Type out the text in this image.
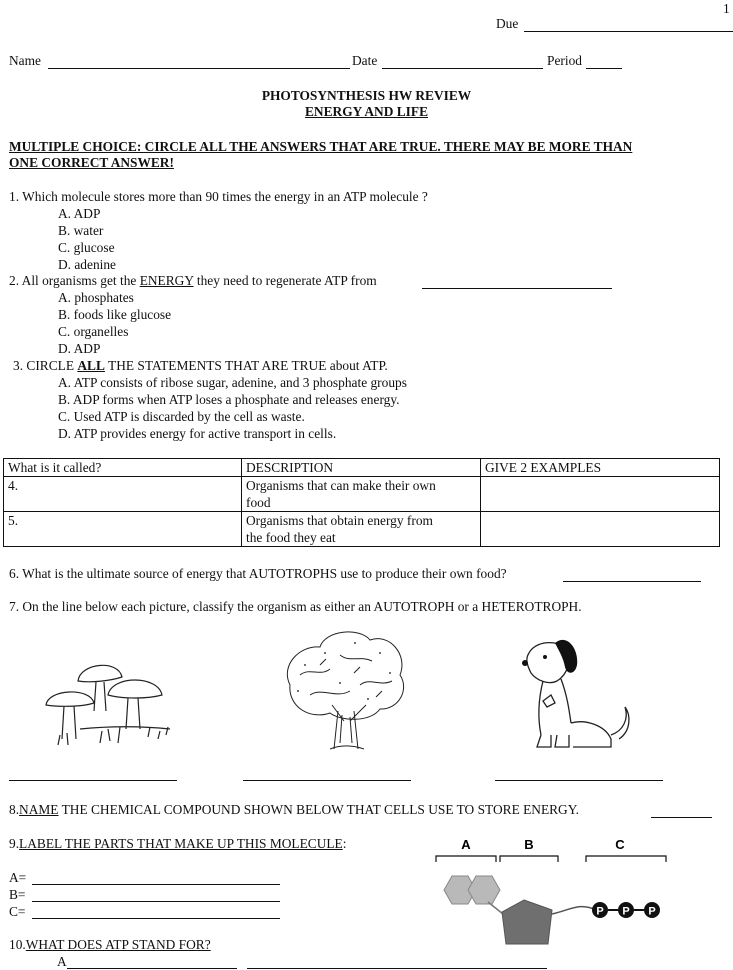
1
Due
Name	Date	Period
PHOTOSYNTHESIS HW REVIEW
ENERGY AND LIFE
MULTIPLE CHOICE: CIRCLE ALL THE ANSWERS THAT ARE TRUE. THERE MAY BE MORE THAN
ONE CORRECT ANSWER!
1. Which molecule stores more than 90 times the energy in an ATP molecule ?
A. ADP
B. water
C. glucose
D. adenine
2. All organisms get the ENERGY they need to regenerate ATP from
A. phosphates
B. foods like glucose
C. organelles
D. ADP
3. CIRCLE ALL THE STATEMENTS THAT ARE TRUE about ATP.
A. ATP consists of ribose sugar, adenine, and 3 phosphate groups
B. ADP forms when ATP loses a phosphate and releases energy.
C. Used ATP is discarded by the cell as waste.
D. ATP provides energy for active transport in cells.
What is it called?	DESCRIPTION	GIVE 2 EXAMPLES
4.	Organisms that can make their own
food	

5.	Organisms that obtain energy from
the food they eat	

6. What is the ultimate source of energy that AUTOTROPHS use to produce their own food?
7. On the line below each picture, classify the organism as either an AUTOTROPH or a HETEROTROPH.
8.NAME THE CHEMICAL COMPOUND SHOWN BELOW THAT CELLS USE TO STORE ENERGY.
9.LABEL THE PARTS THAT MAKE UP THIS MOLECULE:
A=
B=
C=
A	B	C
P P P
10.WHAT DOES ATP STAND FOR?
A
